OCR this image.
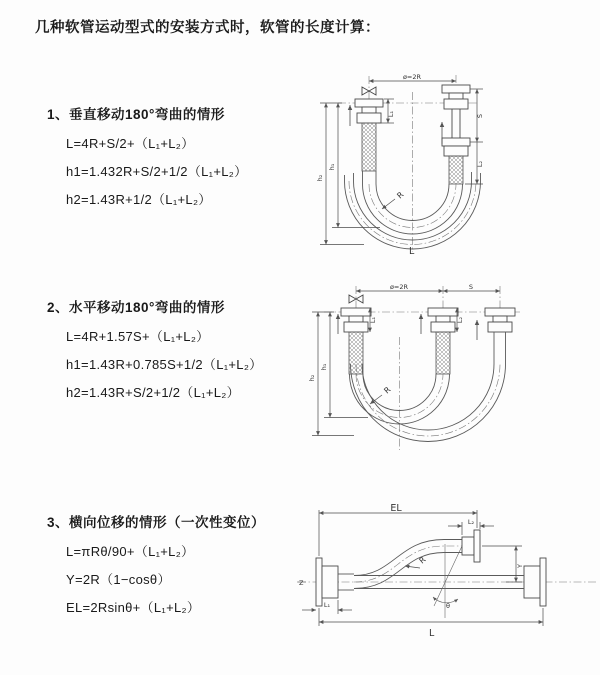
几种软管运动型式的安装方式时，软管的长度计算：
1、垂直移动180°弯曲的情形
L=4R+S/2+（L₁+L₂）
h1=1.432R+S/2+1/2（L₁+L₂）
h2=1.43R+1/2（L₁+L₂）
ø=2R
L₁	S
L₂
h₁
h₂
R
L
2、水平移动180°弯曲的情形
L=4R+1.57S+（L₁+L₂）
h1=1.43R+0.785S+1/2（L₁+L₂）
h2=1.43R+S/2+1/2（L₁+L₂）
ø=2R	S
L₁	L₂
h₁
h₂
R
3、横向位移的情形（一次性变位）
L=πRθ/90+（L₁+L₂）
Y=2R（1−cosθ）
EL=2Rsinθ+（L₁+L₂）
EL
L₂
Y
L
L₁
R
θ
Z
